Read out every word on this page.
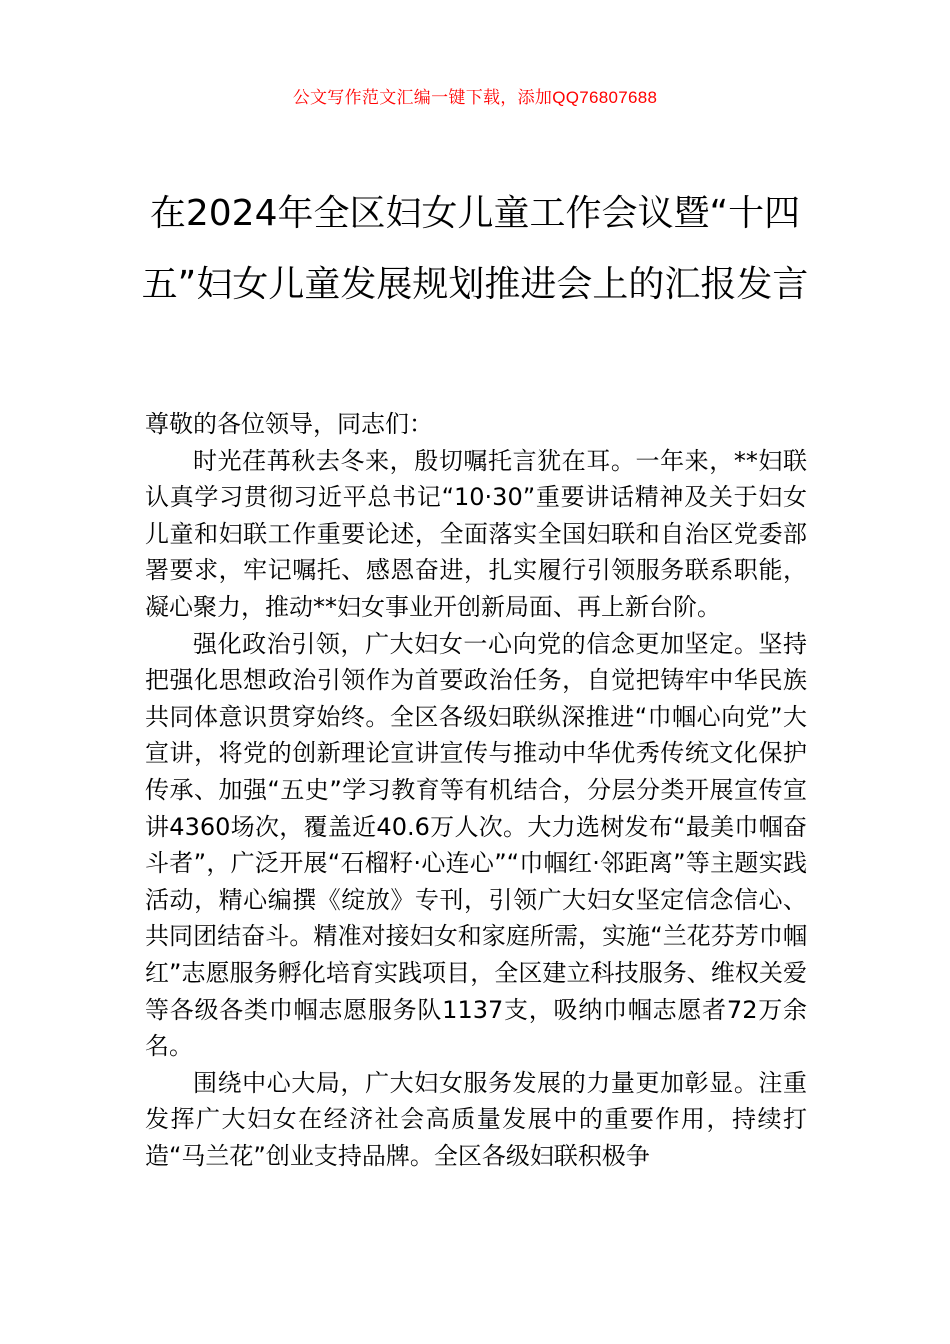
公文写作范文汇编一键下载，添加QQ76807688
在2024年全区妇女儿童工作会议暨“十四五”妇女儿童发展规划推进会上的汇报发言

尊敬的各位领导，同志们：

时光荏苒秋去冬来，殷切嘱托言犹在耳。一年来，**妇联认真学习贯彻习近平总书记“10·30”重要讲话精神及关于妇女儿童和妇联工作重要论述，全面落实全国妇联和自治区党委部署要求，牢记嘱托、感恩奋进，扎实履行引领服务联系职能，凝心聚力，推动**妇女事业开创新局面、再上新台阶。

强化政治引领，广大妇女一心向党的信念更加坚定。坚持把强化思想政治引领作为首要政治任务，自觉把铸牢中华民族共同体意识贯穿始终。全区各级妇联纵深推进“巾帼心向党”大宣讲，将党的创新理论宣讲宣传与推动中华优秀传统文化保护传承、加强“五史”学习教育等有机结合，分层分类开展宣传宣讲4360场次，覆盖近40.6万人次。大力选树发布“最美巾帼奋斗者”，广泛开展“石榴籽·心连心”“巾帼红·邻距离”等主题实践活动，精心编撰《绽放》专刊，引领广大妇女坚定信念信心、共同团结奋斗。精准对接妇女和家庭所需，实施“兰花芬芳巾帼红”志愿服务孵化培育实践项目，全区建立科技服务、维权关爱等各级各类巾帼志愿服务队1137支，吸纳巾帼志愿者72万余名。

围绕中心大局，广大妇女服务发展的力量更加彰显。注重发挥广大妇女在经济社会高质量发展中的重要作用，持续打造“马兰花”创业支持品牌。全区各级妇联积极争
